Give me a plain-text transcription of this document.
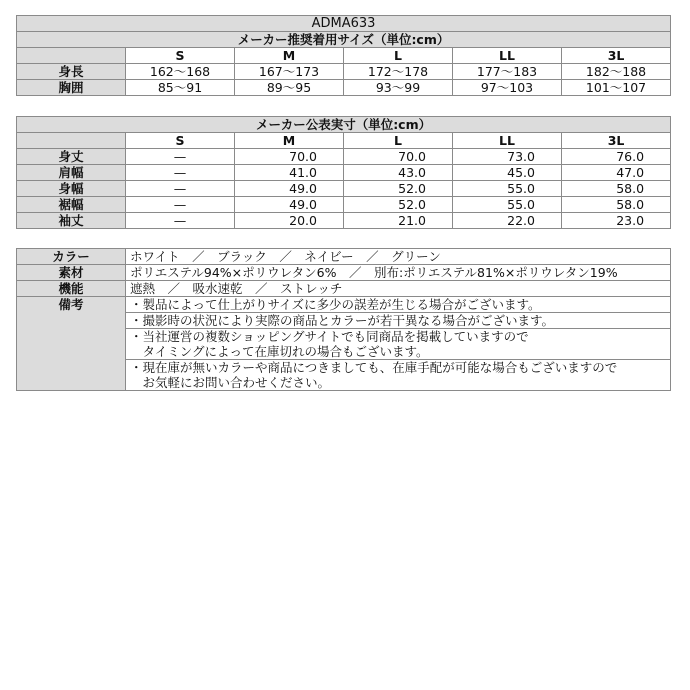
ADMA633					
メーカー推奨着用サイズ（単位:cm）					
	S	M	L	LL	3L
身長	162〜168	167〜173	172〜178	177〜183	182〜188
胸囲	85〜91	89〜95	93〜99	97〜103	101〜107
メーカー公表実寸（単位:cm）					
	S	M	L	LL	3L
身丈	—	70.0	70.0	73.0	76.0
肩幅	—	41.0	43.0	45.0	47.0
身幅	—	49.0	52.0	55.0	58.0
裾幅	—	49.0	52.0	55.0	58.0
袖丈	—	20.0	21.0	22.0	23.0
カラー	ホワイト　／　ブラック　／　ネイビー　／　グリーン
素材	ポリエステル94%×ポリウレタン6%　／　別布:ポリエステル81%×ポリウレタン19%
機能	遮熱　／　吸水速乾　／　ストレッチ
備考	・製品によって仕上がりサイズに多少の誤差が生じる場合がございます。
	・撮影時の状況により実際の商品とカラーが若干異なる場合がございます。

	・当社運営の複数ショッピングサイトでも同商品を掲載していますので
　タイミングによって在庫切れの場合もございます。

	・現在庫が無いカラーや商品につきましても、在庫手配が可能な場合もございますので
　お気軽にお問い合わせください。
